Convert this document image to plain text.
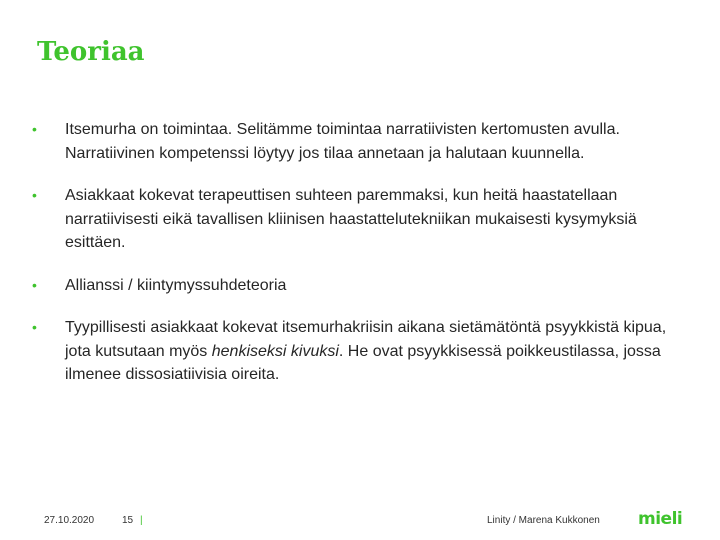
Teoriaa
• Itsemurha on toimintaa. Selitämme toimintaa narratiivisten kertomusten avulla. Narratiivinen kompetenssi löytyy jos tilaa annetaan ja halutaan kuunnella.
• Asiakkaat kokevat terapeuttisen suhteen paremmaksi, kun heitä haastatellaan narratiivisesti eikä tavallisen kliinisen haastattelutekniikan mukaisesti kysymyksiä esittäen.
• Allianssi / kiintymyssuhdeteoria
• Tyypillisesti asiakkaat kokevat itsemurhakriisin aikana sietämätöntä psyykkistä kipua, jota kutsutaan myös henkiseksi kivuksi. He ovat psyykkisessä poikkeustilassa, jossa ilmenee dissosiatiivisia oireita.
27.10.2020	15 |	Linity / Marena Kukkonen mieli
